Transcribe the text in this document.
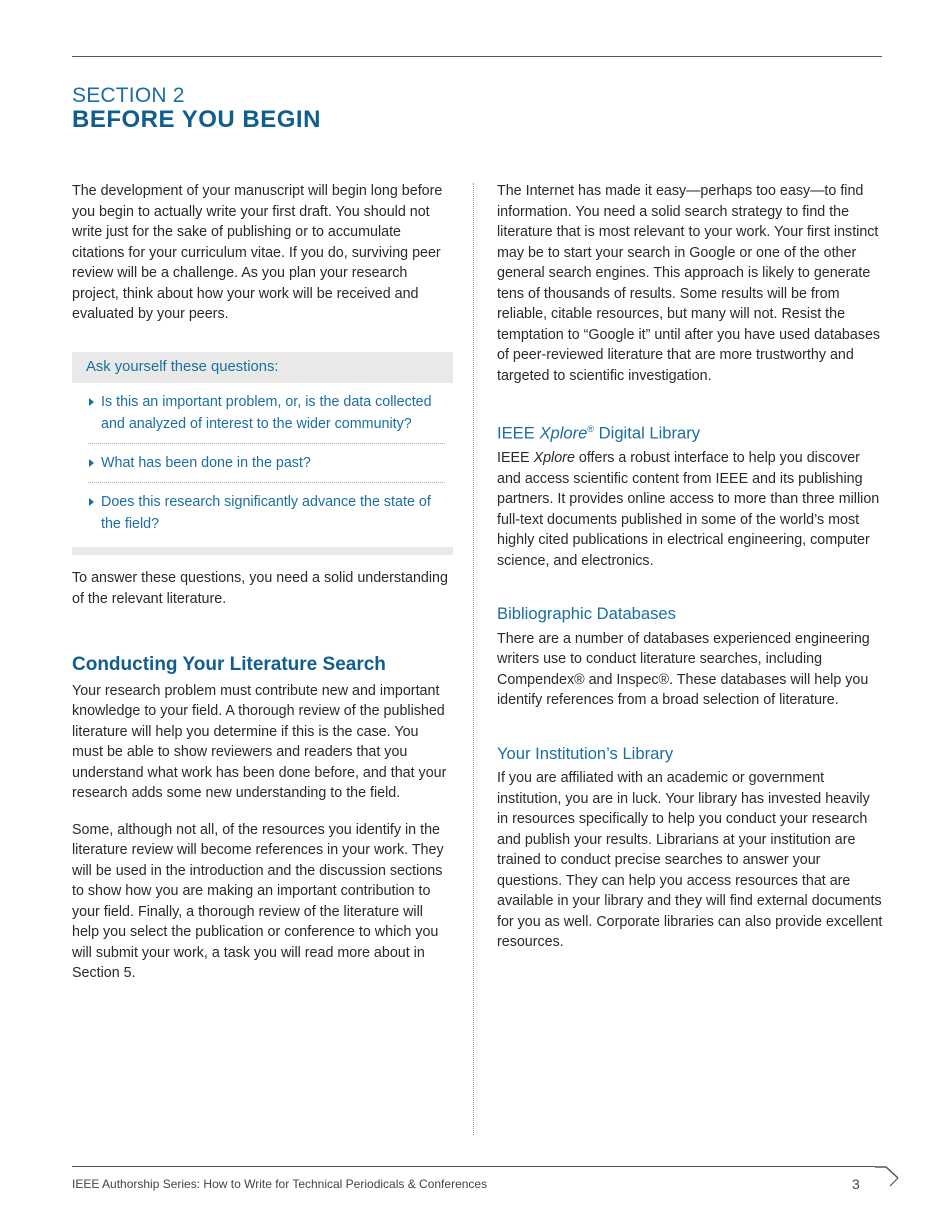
SECTION 2
BEFORE YOU BEGIN

The development of your manuscript will begin long before you begin to actually write your first draft. You should not write just for the sake of publishing or to accumulate citations for your curriculum vitae. If you do, surviving peer review will be a challenge. As you plan your research project, think about how your work will be received and evaluated by your peers.

Ask yourself these questions:
Is this an important problem, or, is the data collected and analyzed of interest to the wider community?
What has been done in the past?
Does this research significantly advance the state of the field?

To answer these questions, you need a solid understanding of the relevant literature.

Conducting Your Literature Search

Your research problem must contribute new and important knowledge to your field. A thorough review of the published literature will help you determine if this is the case. You must be able to show reviewers and readers that you understand what work has been done before, and that your research adds some new understanding to the field.

Some, although not all, of the resources you identify in the literature review will become references in your work. They will be used in the introduction and the discussion sections to show how you are making an important contribution to your field. Finally, a thorough review of the literature will help you select the publication or conference to which you will submit your work, a task you will read more about in Section 5.

The Internet has made it easy—perhaps too easy—to find information. You need a solid search strategy to find the literature that is most relevant to your work. Your first instinct may be to start your search in Google or one of the other general search engines. This approach is likely to generate tens of thousands of results. Some results will be from reliable, citable resources, but many will not. Resist the temptation to “Google it” until after you have used databases of peer-reviewed literature that are more trustworthy and targeted to scientific investigation.

IEEE Xplore® Digital Library

IEEE Xplore offers a robust interface to help you discover and access scientific content from IEEE and its publishing partners. It provides online access to more than three million full-text documents published in some of the world’s most highly cited publications in electrical engineering, computer science, and electronics.

Bibliographic Databases

There are a number of databases experienced engineering writers use to conduct literature searches, including Compendex® and Inspec®. These databases will help you identify references from a broad selection of literature.

Your Institution’s Library

If you are affiliated with an academic or government institution, you are in luck. Your library has invested heavily in resources specifically to help you conduct your research and publish your results. Librarians at your institution are trained to conduct precise searches to answer your questions. They can help you access resources that are available in your library and they will find external documents for you as well. Corporate libraries can also provide excellent resources.

IEEE Authorship Series: How to Write for Technical Periodicals & Conferences	3
